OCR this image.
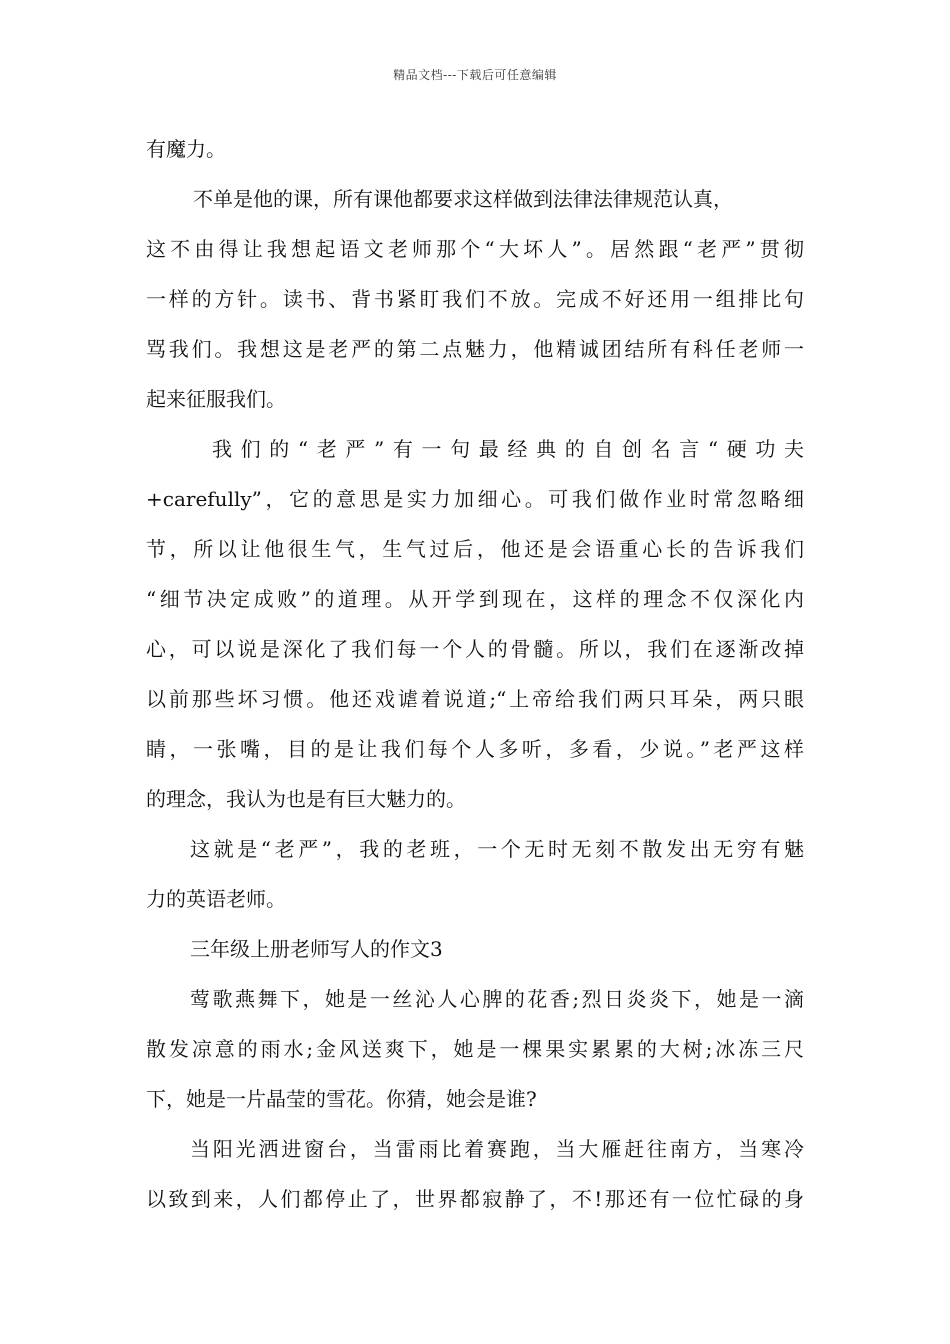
精品文档---下载后可任意编辑
有魔力。
不单是他的课，所有课他都要求这样做到法律法律规范认真，
这不由得让我想起语文老师那个“大坏人”。居然跟“老严”贯彻
一样的方针。读书、背书紧盯我们不放。完成不好还用一组排比句
骂我们。我想这是老严的第二点魅力，他精诚团结所有科任老师一
起来征服我们。
我们的“老严”有一句最经典的自创名言“硬功夫
+carefully”，它的意思是实力加细心。可我们做作业时常忽略细
节，所以让他很生气，生气过后，他还是会语重心长的告诉我们
“细节决定成败”的道理。从开学到现在，这样的理念不仅深化内
心，可以说是深化了我们每一个人的骨髓。所以，我们在逐渐改掉
以前那些坏习惯。他还戏谑着说道;“上帝给我们两只耳朵，两只眼
睛，一张嘴，目的是让我们每个人多听，多看，少说。”老严这样
的理念，我认为也是有巨大魅力的。
这就是“老严”，我的老班，一个无时无刻不散发出无穷有魅
力的英语老师。
三年级上册老师写人的作文3
莺歌燕舞下，她是一丝沁人心脾的花香;烈日炎炎下，她是一滴
散发凉意的雨水;金风送爽下，她是一棵果实累累的大树;冰冻三尺
下，她是一片晶莹的雪花。你猜，她会是谁?
当阳光洒进窗台，当雷雨比着赛跑，当大雁赶往南方，当寒冷
以致到来，人们都停止了，世界都寂静了，不!那还有一位忙碌的身
